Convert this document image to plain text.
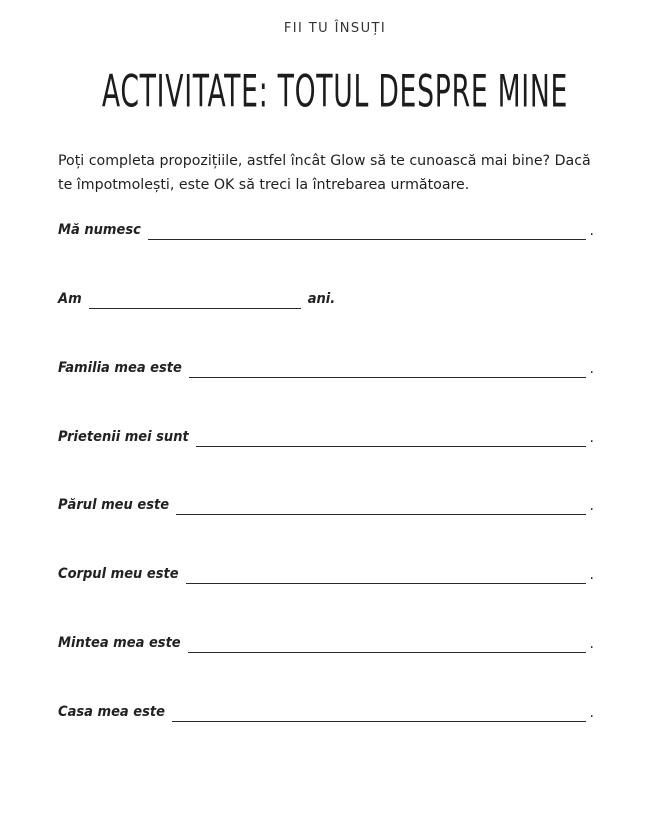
FII TU ÎNSUȚI
ACTIVITATE: TOTUL DESPRE MINE
Poți completa propozițiile, astfel încât Glow să te cunoască mai bine? Dacă te împotmolești, este OK să treci la întrebarea următoare.
Mă numesc	.
Am	ani.
Familia mea este	.
Prietenii mei sunt	.
Părul meu este	.
Corpul meu este	.
Mintea mea este	.
Casa mea este	.
